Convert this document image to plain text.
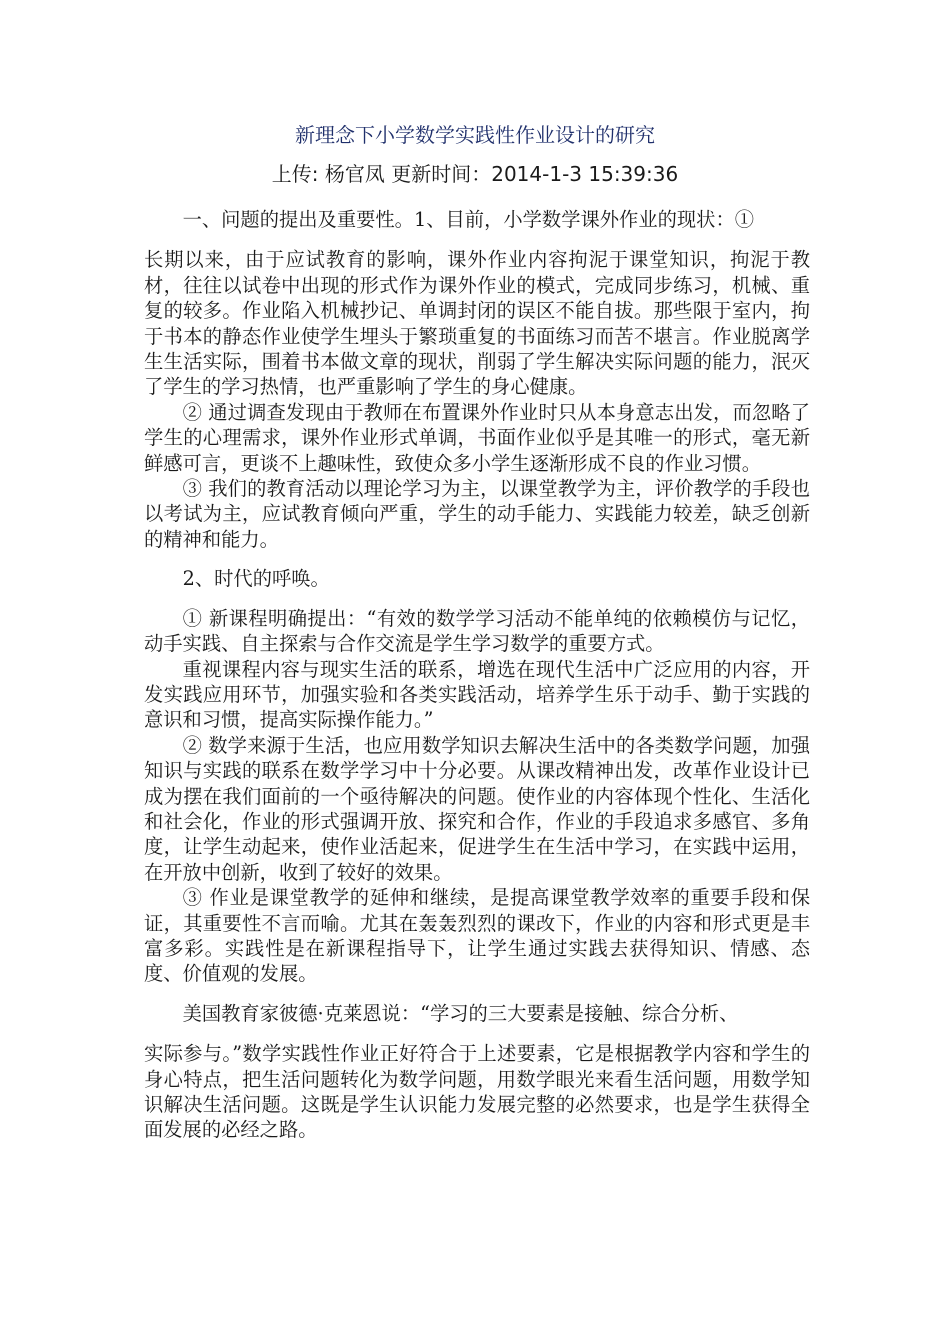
新理念下小学数学实践性作业设计的研究
上传: 杨官凤 更新时间：2014-1-3 15:39:36

一、问题的提出及重要性。1、目前，小学数学课外作业的现状：①

长期以来，由于应试教育的影响，课外作业内容拘泥于课堂知识，拘泥于教材，往往以试卷中出现的形式作为课外作业的模式，完成同步练习，机械、重复的较多。作业陷入机械抄记、单调封闭的误区不能自拔。那些限于室内，拘于书本的静态作业使学生埋头于繁琐重复的书面练习而苦不堪言。作业脱离学生生活实际，围着书本做文章的现状，削弱了学生解决实际问题的能力，泯灭了学生的学习热情，也严重影响了学生的身心健康。

② 通过调查发现由于教师在布置课外作业时只从本身意志出发，而忽略了学生的心理需求，课外作业形式单调，书面作业似乎是其唯一的形式，毫无新鲜感可言，更谈不上趣味性，致使众多小学生逐渐形成不良的作业习惯。

③ 我们的教育活动以理论学习为主，以课堂教学为主，评价教学的手段也以考试为主，应试教育倾向严重，学生的动手能力、实践能力较差，缺乏创新的精神和能力。

2、时代的呼唤。

① 新课程明确提出：“有效的数学学习活动不能单纯的依赖模仿与记忆，动手实践、自主探索与合作交流是学生学习数学的重要方式。

重视课程内容与现实生活的联系，增选在现代生活中广泛应用的内容，开发实践应用环节，加强实验和各类实践活动，培养学生乐于动手、勤于实践的意识和习惯，提高实际操作能力。”

② 数学来源于生活，也应用数学知识去解决生活中的各类数学问题，加强知识与实践的联系在数学学习中十分必要。从课改精神出发，改革作业设计已成为摆在我们面前的一个亟待解决的问题。使作业的内容体现个性化、生活化和社会化，作业的形式强调开放、探究和合作，作业的手段追求多感官、多角度，让学生动起来，使作业活起来，促进学生在生活中学习，在实践中运用，在开放中创新，收到了较好的效果。

③ 作业是课堂教学的延伸和继续，是提高课堂教学效率的重要手段和保证，其重要性不言而喻。尤其在轰轰烈烈的课改下，作业的内容和形式更是丰富多彩。实践性是在新课程指导下，让学生通过实践去获得知识、情感、态度、价值观的发展。

美国教育家彼德·克莱恩说：“学习的三大要素是接触、综合分析、

实际参与。”数学实践性作业正好符合于上述要素，它是根据教学内容和学生的身心特点，把生活问题转化为数学问题，用数学眼光来看生活问题，用数学知识解决生活问题。这既是学生认识能力发展完整的必然要求，也是学生获得全面发展的必经之路。
